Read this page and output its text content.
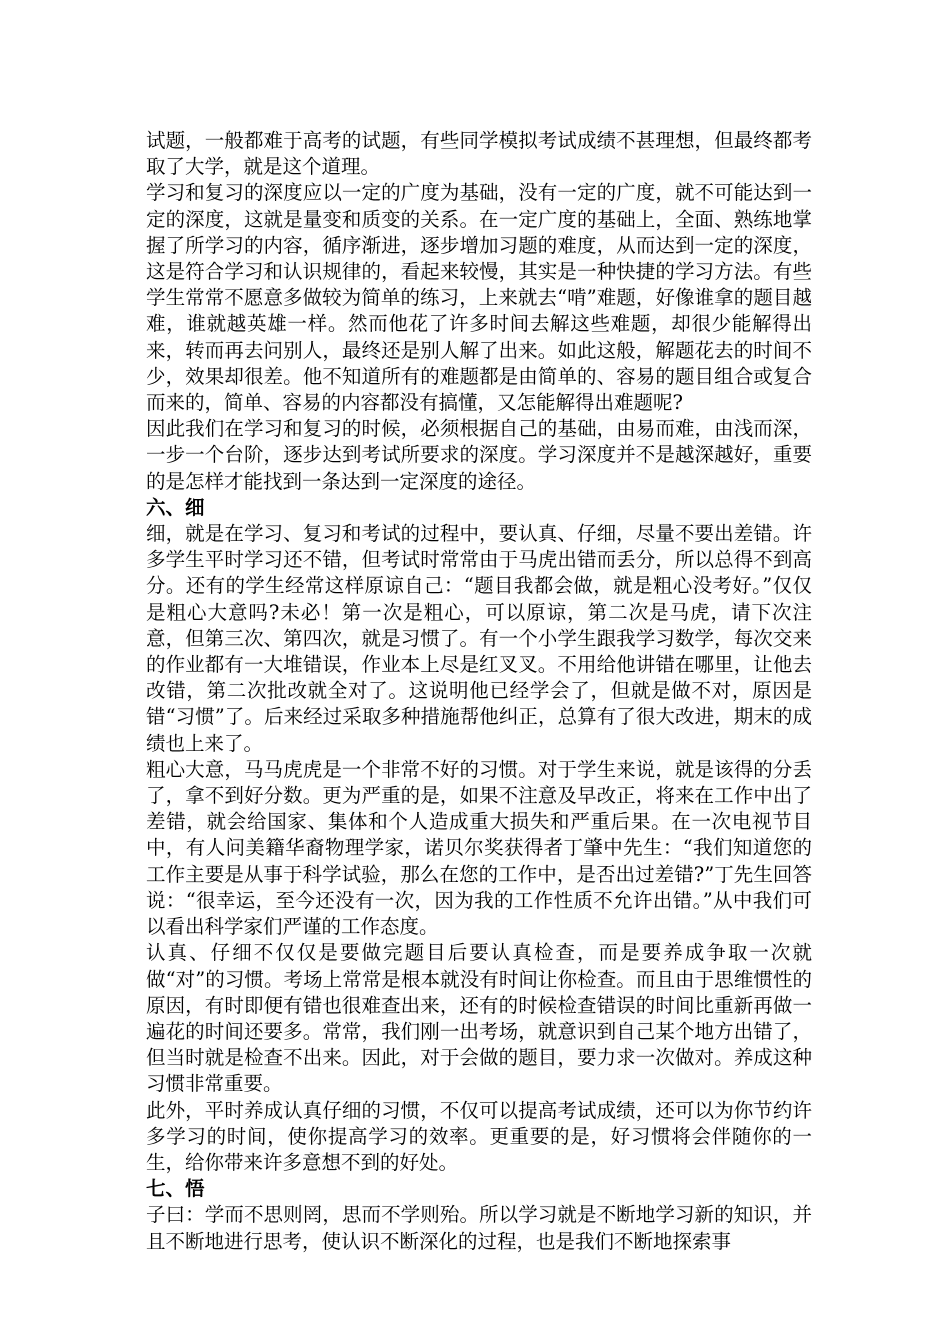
试题，一般都难于高考的试题，有些同学模拟考试成绩不甚理想，但最终都考取了大学，就是这个道理。

学习和复习的深度应以一定的广度为基础，没有一定的广度，就不可能达到一定的深度，这就是量变和质变的关系。在一定广度的基础上，全面、熟练地掌握了所学习的内容，循序渐进，逐步增加习题的难度，从而达到一定的深度，这是符合学习和认识规律的，看起来较慢，其实是一种快捷的学习方法。有些学生常常不愿意多做较为简单的练习，上来就去“啃”难题，好像谁拿的题目越难，谁就越英雄一样。然而他花了许多时间去解这些难题，却很少能解得出来，转而再去问别人，最终还是别人解了出来。如此这般，解题花去的时间不少，效果却很差。他不知道所有的难题都是由简单的、容易的题目组合或复合而来的，简单、容易的内容都没有搞懂，又怎能解得出难题呢?

因此我们在学习和复习的时候，必须根据自己的基础，由易而难，由浅而深，一步一个台阶，逐步达到考试所要求的深度。学习深度并不是越深越好，重要的是怎样才能找到一条达到一定深度的途径。

六、细

细，就是在学习、复习和考试的过程中，要认真、仔细，尽量不要出差错。许多学生平时学习还不错，但考试时常常由于马虎出错而丢分，所以总得不到高分。还有的学生经常这样原谅自己：“题目我都会做，就是粗心没考好。”仅仅是粗心大意吗?未必！第一次是粗心，可以原谅，第二次是马虎，请下次注意，但第三次、第四次，就是习惯了。有一个小学生跟我学习数学，每次交来的作业都有一大堆错误，作业本上尽是红叉叉。不用给他讲错在哪里，让他去改错，第二次批改就全对了。这说明他已经学会了，但就是做不对，原因是错“习惯”了。后来经过采取多种措施帮他纠正，总算有了很大改进，期末的成绩也上来了。

粗心大意，马马虎虎是一个非常不好的习惯。对于学生来说，就是该得的分丢了，拿不到好分数。更为严重的是，如果不注意及早改正，将来在工作中出了差错，就会给国家、集体和个人造成重大损失和严重后果。在一次电视节目中，有人问美籍华裔物理学家，诺贝尔奖获得者丁肇中先生：“我们知道您的工作主要是从事于科学试验，那么在您的工作中，是否出过差错?”丁先生回答说：“很幸运，至今还没有一次，因为我的工作性质不允许出错。”从中我们可以看出科学家们严谨的工作态度。

认真、仔细不仅仅是要做完题目后要认真检查，而是要养成争取一次就做“对”的习惯。考场上常常是根本就没有时间让你检查。而且由于思维惯性的原因，有时即便有错也很难查出来，还有的时候检查错误的时间比重新再做一遍花的时间还要多。常常，我们刚一出考场，就意识到自己某个地方出错了，但当时就是检查不出来。因此，对于会做的题目，要力求一次做对。养成这种习惯非常重要。

此外，平时养成认真仔细的习惯，不仅可以提高考试成绩，还可以为你节约许多学习的时间，使你提高学习的效率。更重要的是，好习惯将会伴随你的一生，给你带来许多意想不到的好处。

七、悟

子曰：学而不思则罔，思而不学则殆。所以学习就是不断地学习新的知识，并且不断地进行思考，使认识不断深化的过程，也是我们不断地探索事
